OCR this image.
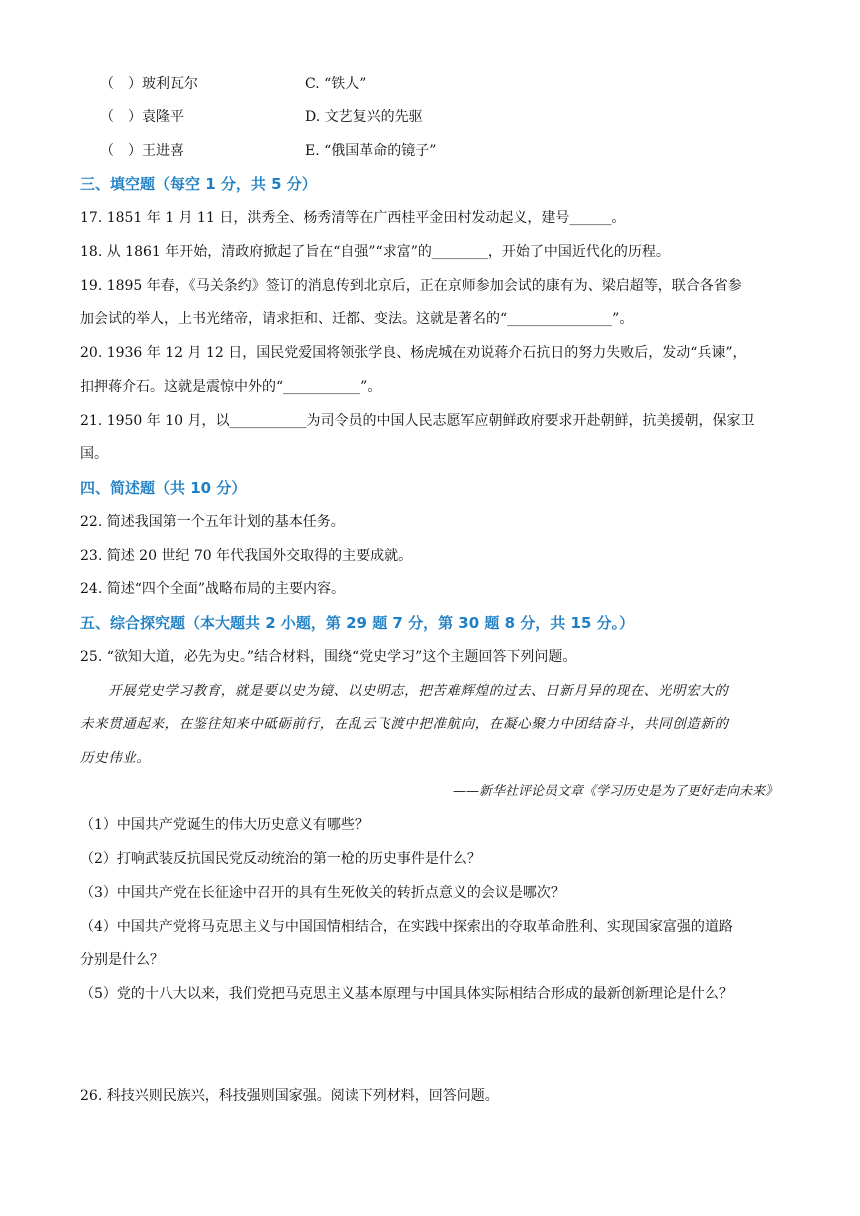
（　）玻利瓦尔	C. “铁人”
（　）袁隆平	D. 文艺复兴的先驱
（　）王进喜	E. “俄国革命的镜子”
三、填空题（每空 1 分，共 5 分）
17. 1851 年 1 月 11 日，洪秀全、杨秀清等在广西桂平金田村发动起义，建号______。
18. 从 1861 年开始，清政府掀起了旨在“自强”“求富”的________，开始了中国近代化的历程。
19. 1895 年春，《马关条约》签订的消息传到北京后，正在京师参加会试的康有为、梁启超等，联合各省参
加会试的举人，上书光绪帝，请求拒和、迁都、变法。这就是著名的“_______________”。
20. 1936 年 12 月 12 日，国民党爱国将领张学良、杨虎城在劝说蒋介石抗日的努力失败后，发动“兵谏”，
扣押蒋介石。这就是震惊中外的“___________”。
21. 1950 年 10 月，以___________为司令员的中国人民志愿军应朝鲜政府要求开赴朝鲜，抗美援朝，保家卫
国。
四、简述题（共 10 分）
22. 简述我国第一个五年计划的基本任务。
23. 简述 20 世纪 70 年代我国外交取得的主要成就。
24. 简述“四个全面”战略布局的主要内容。
五、综合探究题（本大题共 2 小题，第 29 题 7 分，第 30 题 8 分，共 15 分。）
25. “欲知大道，必先为史。”结合材料，围绕“党史学习”这个主题回答下列问题。
开展党史学习教育，就是要以史为镜、以史明志，把苦难辉煌的过去、日新月异的现在、光明宏大的
未来贯通起来，在鉴往知来中砥砺前行，在乱云飞渡中把准航向，在凝心聚力中团结奋斗，共同创造新的
历史伟业。
——新华社评论员文章《学习历史是为了更好走向未来》
（1）中国共产党诞生的伟大历史意义有哪些？
（2）打响武装反抗国民党反动统治的第一枪的历史事件是什么？
（3）中国共产党在长征途中召开的具有生死攸关的转折点意义的会议是哪次？
（4）中国共产党将马克思主义与中国国情相结合，在实践中探索出的夺取革命胜利、实现国家富强的道路
分别是什么？
（5）党的十八大以来，我们党把马克思主义基本原理与中国具体实际相结合形成的最新创新理论是什么？
26. 科技兴则民族兴，科技强则国家强。阅读下列材料，回答问题。
